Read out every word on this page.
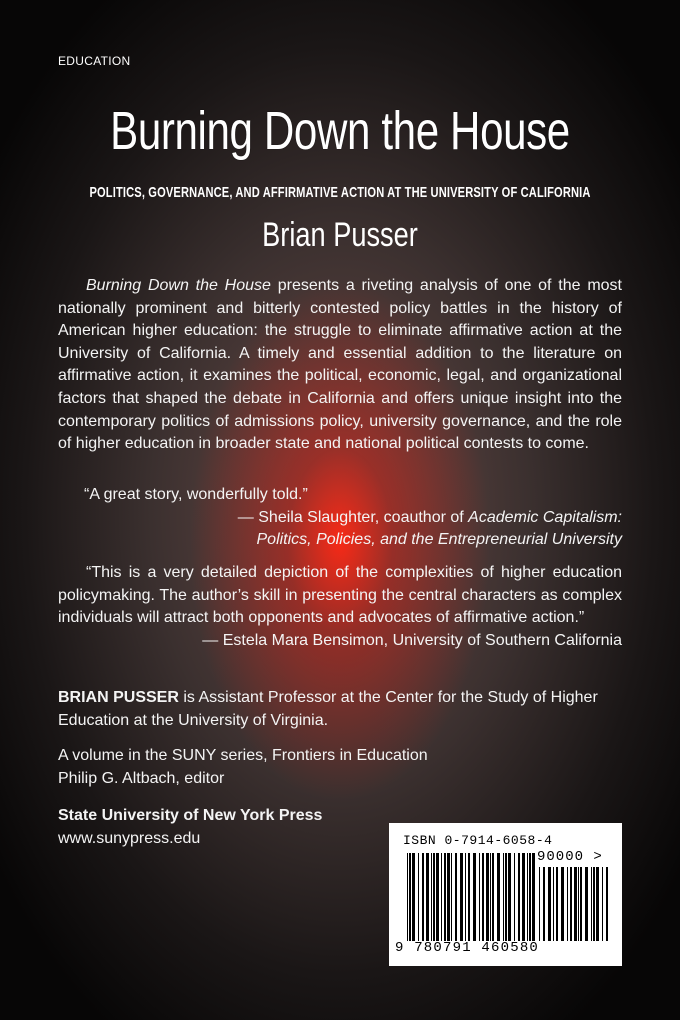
EDUCATION
Burning Down the House
POLITICS, GOVERNANCE, AND AFFIRMATIVE ACTION AT THE UNIVERSITY OF CALIFORNIA
Brian Pusser
Burning Down the House presents a riveting analysis of one of the most nationally prominent and bitterly contested policy battles in the history of American higher education: the struggle to eliminate affirmative action at the University of California. A timely and essential addition to the literature on affirmative action, it examines the political, economic, legal, and organizational factors that shaped the debate in California and offers unique insight into the contemporary politics of admissions policy, university governance, and the role of higher education in broader state and national political contests to come.
“A great story, wonderfully told.”
— Sheila Slaughter, coauthor of Academic Capitalism:
Politics, Policies, and the Entrepreneurial University
“This is a very detailed depiction of the complexities of higher education policymaking. The author’s skill in presenting the central characters as complex individuals will attract both opponents and advocates of affirmative action.”
— Estela Mara Bensimon, University of Southern California
BRIAN PUSSER is Assistant Professor at the Center for the Study of Higher Education at the University of Virginia.
A volume in the SUNY series, Frontiers in Education
Philip G. Altbach, editor
State University of New York Press
www.sunypress.edu	ISBN 0-7914-6058-4
90000 >
9 780791 460580
